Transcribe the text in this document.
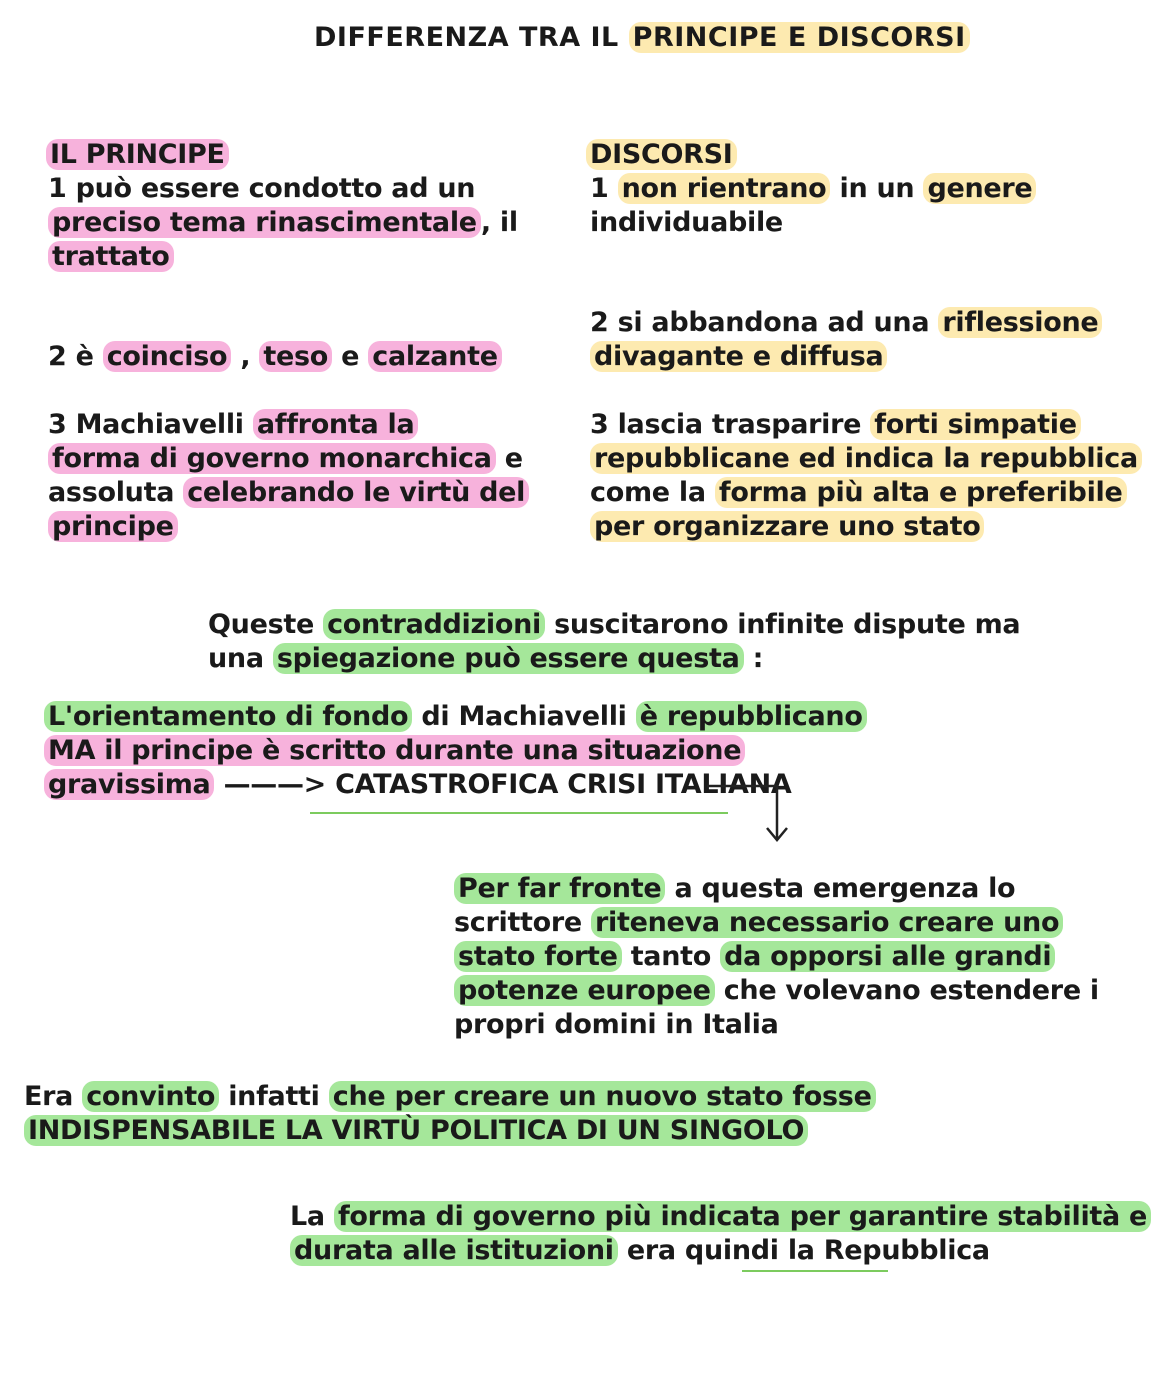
DIFFERENZA TRA IL PRINCIPE E DISCORSI
IL PRINCIPE
1 può essere condotto ad un
preciso tema rinascimentale , il
trattato
2 è coinciso , teso e calzante
3 Machiavelli affronta la
forma di governo monarchica e
assoluta celebrando le virtù del
principe
DISCORSI
1 non rientrano in un genere
individuabile
2 si abbandona ad una riflessione
divagante e diffusa
3 lascia trasparire forti simpatie
repubblicane ed indica la repubblica
come la forma più alta e preferibile
per organizzare uno stato
Queste contraddizioni suscitarono infinite dispute ma
una spiegazione può essere questa :
L'orientamento di fondo di Machiavelli è repubblicano
MA il principe è scritto durante una situazione
gravissima ———> CATASTROFICA CRISI ITALIANA
Per far fronte a questa emergenza lo
scrittore riteneva necessario creare uno
stato forte tanto da opporsi alle grandi
potenze europee che volevano estendere i
propri domini in Italia
Era convinto infatti che per creare un nuovo stato fosse
INDISPENSABILE LA VIRTÙ POLITICA DI UN SINGOLO
La forma di governo più indicata per garantire stabilità e
durata alle istituzioni era quindi la Repubblica
